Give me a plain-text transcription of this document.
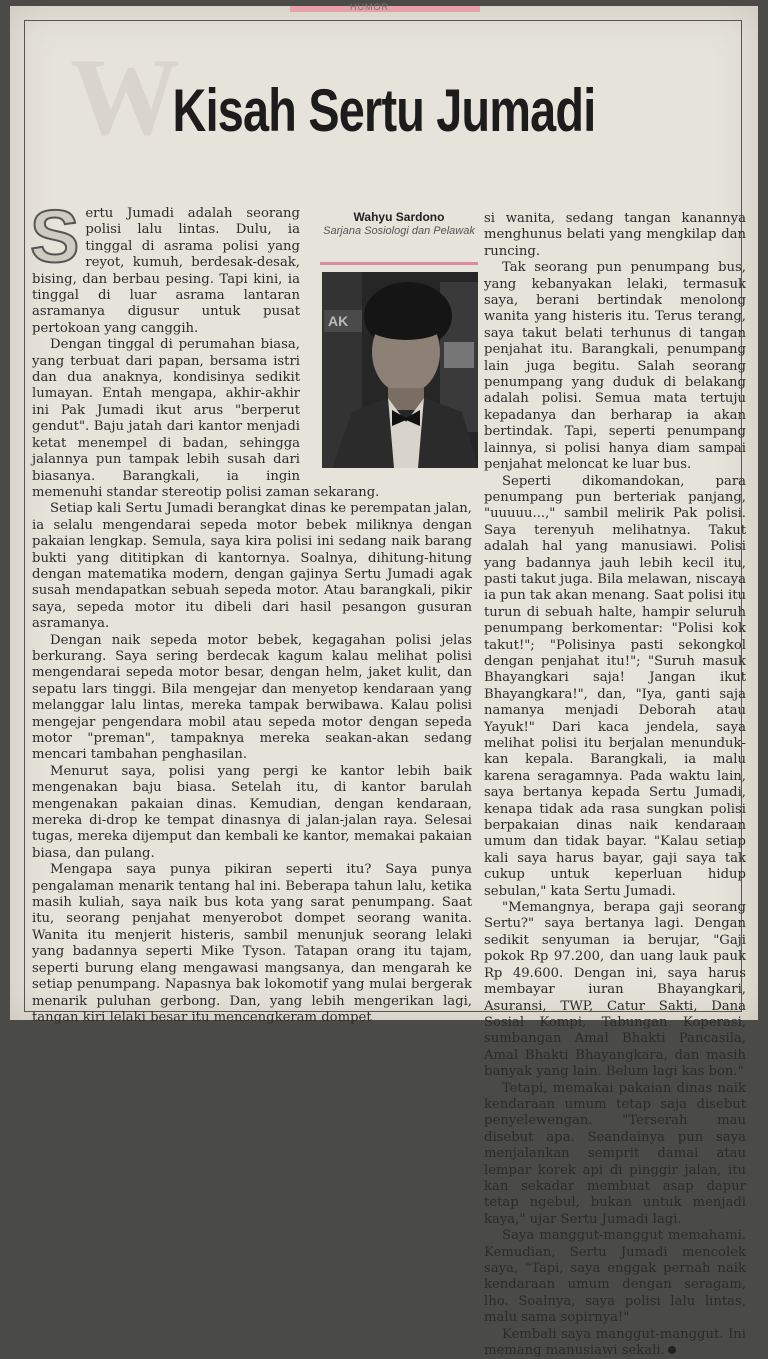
HUMOR
W
Kisah Sertu Jumadi

Sertu Jumadi adalah seorang polisi lalu lintas. Dulu, ia tinggal di asrama polisi yang reyot, kumuh, berdesak-desak, bising, dan berbau pesing. Tapi kini, ia tinggal di luar asrama lantaran asramanya digusur untuk pusat pertokoan yang canggih.

Dengan tinggal di perumahan biasa, yang terbuat dari papan, bersama istri dan dua anaknya, kondisinya sedikit lumayan. Entah mengapa, akhir-akhir ini Pak Jumadi ikut arus "berperut gendut". Baju jatah dari kantor menjadi ketat menempel di badan, sehingga jalannya pun tampak lebih susah dari biasanya. Barangkali, ia ingin memenuhi standar stereotip polisi zaman sekarang.

Setiap kali Sertu Jumadi berangkat dinas ke perempatan jalan, ia selalu mengendarai sepeda motor bebek miliknya dengan pakaian lengkap. Semula, saya kira polisi ini sedang naik barang bukti yang dititipkan di kantornya. Soalnya, dihitung-hitung dengan matematika modern, dengan gajinya Sertu Jumadi agak susah mendapatkan sebuah sepeda motor. Atau barangkali, pikir saya, sepeda motor itu dibeli dari hasil pesangon gusuran asramanya.

Dengan naik sepeda motor bebek, kegagahan polisi jelas berkurang. Saya sering berdecak kagum kalau melihat polisi mengendarai sepeda motor besar, dengan helm, jaket kulit, dan sepatu lars tinggi. Bila mengejar dan menyetop kendaraan yang melanggar lalu lintas, mereka tampak berwibawa. Kalau polisi mengejar pengendara mobil atau sepeda motor dengan sepeda motor "preman", tampaknya mereka seakan-akan sedang mencari tambahan penghasilan.

Menurut saya, polisi yang pergi ke kantor lebih baik mengenakan baju biasa. Setelah itu, di kantor barulah mengenakan pakaian dinas. Kemudian, dengan kendaraan, mereka di-drop ke tempat dinasnya di jalan-jalan raya. Selesai tugas, mereka dijemput dan kembali ke kantor, memakai pakaian biasa, dan pulang.

Mengapa saya punya pikiran seperti itu? Saya punya pengalaman menarik tentang hal ini. Beberapa tahun lalu, ketika masih kuliah, saya naik bus kota yang sarat penumpang. Saat itu, seorang penjahat menyerobot dompet seorang wanita. Wanita itu menjerit histeris, sambil menunjuk seorang lelaki yang badannya seperti Mike Tyson. Tatapan orang itu tajam, seperti burung elang mengawasi mangsanya, dan mengarah ke setiap penumpang. Napasnya bak lokomotif yang mulai bergerak menarik puluhan gerbong. Dan, yang lebih mengerikan lagi, tangan kiri lelaki besar itu mencengkeram dompet

Wahyu Sardono
Sarjana Sosiologi dan Pelawak
AK

si wanita, sedang tangan kanannya menghunus belati yang mengkilap dan runcing.

Tak seorang pun penumpang bus, yang kebanyakan lelaki, termasuk saya, berani bertindak menolong wanita yang histeris itu. Terus terang, saya takut belati terhunus di tangan penjahat itu. Barangkali, penumpang lain juga begitu. Salah seorang penumpang yang duduk di belakang adalah polisi. Semua mata tertuju kepadanya dan berharap ia akan bertindak. Tapi, seperti penumpang lainnya, si polisi hanya diam sampai penjahat meloncat ke luar bus.

Seperti dikomandokan, para penumpang pun berteriak panjang, "uuuuu...," sambil melirik Pak polisi. Saya terenyuh melihatnya. Takut adalah hal yang manusiawi. Polisi yang badannya jauh lebih kecil itu, pasti takut juga. Bila melawan, niscaya ia pun tak akan menang. Saat polisi itu turun di sebuah halte, hampir seluruh penumpang berkomentar: "Polisi kok takut!"; "Polisinya pasti sekongkol dengan penjahat itu!"; "Suruh masuk Bhayangkari saja! Jangan ikut Bhayangkara!", dan, "Iya, ganti saja namanya menjadi Deborah atau Yayuk!" Dari kaca jendela, saya melihat polisi itu berjalan menundukkan kepala. Barangkali, ia malu karena seragamnya. Pada waktu lain, saya bertanya kepada Sertu Jumadi, kenapa tidak ada rasa sungkan polisi berpakaian dinas naik kendaraan umum dan tidak bayar. "Kalau setiap kali saya harus bayar, gaji saya tak cukup untuk keperluan hidup sebulan," kata Sertu Jumadi.

"Memangnya, berapa gaji seorang Sertu?" saya bertanya lagi. Dengan sedikit senyuman ia berujar, "Gaji pokok Rp 97.200, dan uang lauk pauk Rp 49.600. Dengan ini, saya harus membayar iuran Bhayangkari, Asuransi, TWP, Catur Sakti, Dana Sosial Kompi, Tabungan Koperasi, sumbangan Amal Bhakti Pancasila, Amal Bhakti Bhayangkara, dan masih banyak yang lain. Belum lagi kas bon."

Tetapi, memakai pakaian dinas naik kendaraan umum tetap saja disebut penyelewengan. "Terserah mau disebut apa. Seandainya pun saya menjalankan semprit damai atau lempar korek api di pinggir jalan, itu kan sekadar membuat asap dapur tetap ngebul, bukan untuk menjadi kaya," ujar Sertu Jumadi lagi.

Saya manggut-manggut memahami. Kemudian, Sertu Jumadi mencolek saya, "Tapi, saya enggak pernah naik kendaraan umum dengan seragam, lho. Soalnya, saya polisi lalu lintas, malu sama sopirnya!"

Kembali saya manggut-manggut. Ini memang manusiawi sekali.
